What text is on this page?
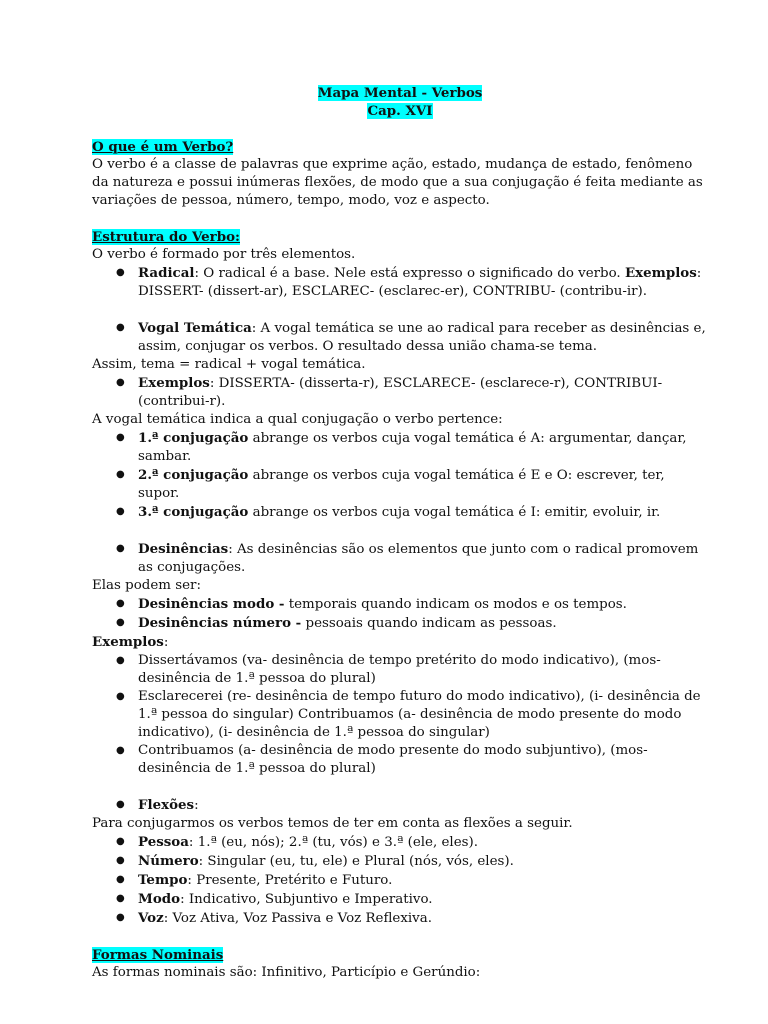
Mapa Mental - Verbos
Cap. XVI

O que é um Verbo?

O verbo é a classe de palavras que exprime ação, estado, mudança de estado, fenômeno da natureza e possui inúmeras flexões, de modo que a sua conjugação é feita mediante as variações de pessoa, número, tempo, modo, voz e aspecto.

Estrutura do Verbo:

O verbo é formado por três elementos.

● Radical: O radical é a base. Nele está expresso o significado do verbo. Exemplos: DISSERT- (dissert-ar), ESCLAREC- (esclarec-er), CONTRIBU- (contribu-ir).
● Vogal Temática: A vogal temática se une ao radical para receber as desinências e, assim, conjugar os verbos. O resultado dessa união chama-se tema.

Assim, tema = radical + vogal temática.

● Exemplos: DISSERTA- (disserta-r), ESCLARECE- (esclarece-r), CONTRIBUI- (contribui-r).

A vogal temática indica a qual conjugação o verbo pertence:

● 1.ª conjugação abrange os verbos cuja vogal temática é A: argumentar, dançar, sambar.
● 2.ª conjugação abrange os verbos cuja vogal temática é E e O: escrever, ter, supor.
● 3.ª conjugação abrange os verbos cuja vogal temática é I: emitir, evoluir, ir.
● Desinências: As desinências são os elementos que junto com o radical promovem as conjugações.

Elas podem ser:

● Desinências modo - temporais quando indicam os modos e os tempos.
● Desinências número - pessoais quando indicam as pessoas.

Exemplos:

● Dissertávamos (va- desinência de tempo pretérito do modo indicativo), (mos- desinência de 1.ª pessoa do plural)
● Esclarecerei (re- desinência de tempo futuro do modo indicativo), (i- desinência de 1.ª pessoa do singular) Contribuamos (a- desinência de modo presente do modo indicativo), (i- desinência de 1.ª pessoa do singular)
● Contribuamos (a- desinência de modo presente do modo subjuntivo), (mos- desinência de 1.ª pessoa do plural)
● Flexões:

Para conjugarmos os verbos temos de ter em conta as flexões a seguir.

● Pessoa: 1.ª (eu, nós); 2.ª (tu, vós) e 3.ª (ele, eles).
● Número: Singular (eu, tu, ele) e Plural (nós, vós, eles).
● Tempo: Presente, Pretérito e Futuro.
● Modo: Indicativo, Subjuntivo e Imperativo.
● Voz: Voz Ativa, Voz Passiva e Voz Reflexiva.

Formas Nominais

As formas nominais são: Infinitivo, Particípio e Gerúndio:
